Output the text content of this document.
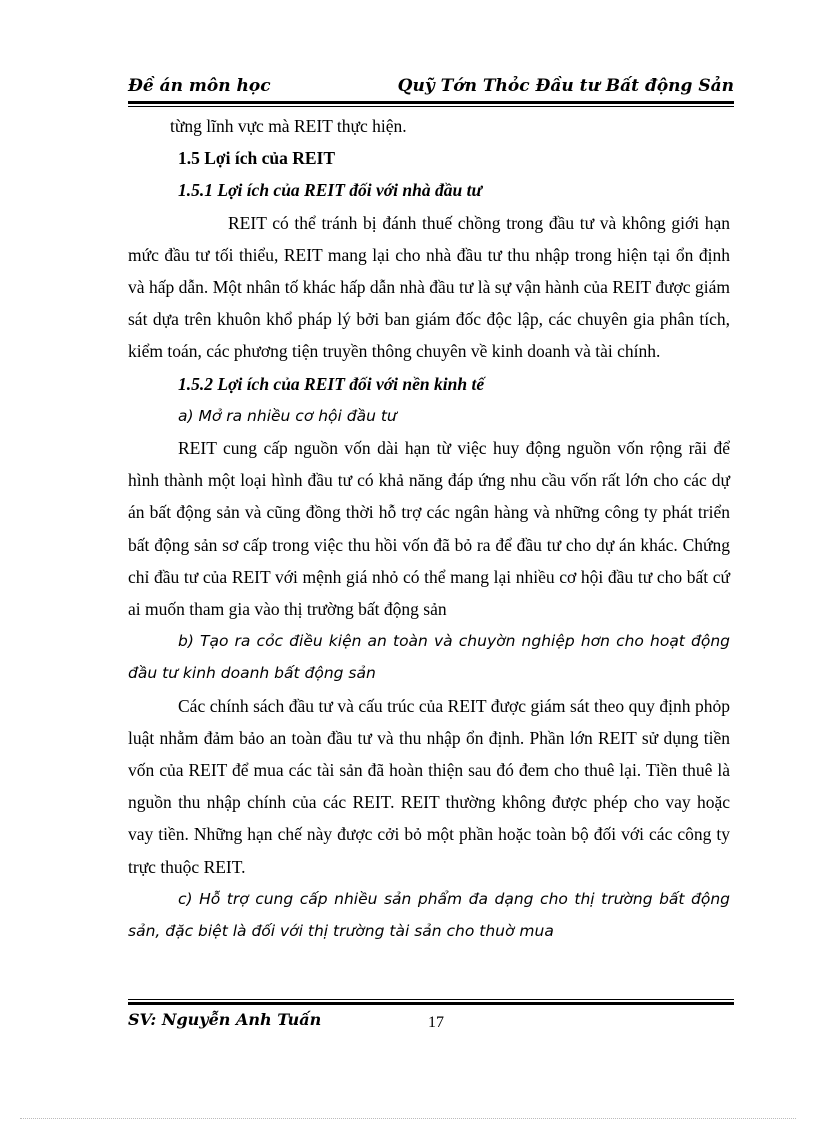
Đề án môn học	Quỹ Tớn Thỏc Đầu tư Bất động Sản

từng lĩnh vực mà REIT thực hiện.

1.5 Lợi ích của REIT

1.5.1 Lợi ích của REIT đối với nhà đầu tư

REIT có thể tránh bị đánh thuế chồng trong đầu tư và không giới hạn mức đầu tư tối thiểu, REIT mang lại cho nhà đầu tư thu nhập trong hiện tại ổn định và hấp dẫn. Một nhân tố khác hấp dẫn nhà đầu tư là sự vận hành của REIT được giám sát dựa trên khuôn khổ pháp lý bởi ban giám đốc độc lập, các chuyên gia phân tích, kiểm toán, các phương tiện truyền thông chuyên về kinh doanh và tài chính.

1.5.2 Lợi ích của REIT đối với nền kinh tế

a) Mở ra nhiều cơ hội đầu tư

REIT cung cấp nguồn vốn dài hạn từ việc huy động nguồn vốn rộng rãi để hình thành một loại hình đầu tư có khả năng đáp ứng nhu cầu vốn rất lớn cho các dự án bất động sản và cũng đồng thời hỗ trợ các ngân hàng và những công ty phát triển bất động sản sơ cấp trong việc thu hồi vốn đã bỏ ra để đầu tư cho dự án khác. Chứng chỉ đầu tư của REIT với mệnh giá nhỏ có thể mang lại nhiều cơ hội đầu tư cho bất cứ ai muốn tham gia vào thị trường bất động sản

b) Tạo ra cỏc điều kiện an toàn và chuyờn nghiệp hơn cho hoạt động đầu tư kinh doanh bất động sản

Các chính sách đầu tư và cấu trúc của REIT được giám sát theo quy định phỏp luật nhằm đảm bảo an toàn đầu tư và thu nhập ổn định. Phần lớn REIT sử dụng tiền vốn của REIT để mua các tài sản đã hoàn thiện sau đó đem cho thuê lại. Tiền thuê là nguồn thu nhập chính của các REIT. REIT thường không được phép cho vay hoặc vay tiền. Những hạn chế này được cởi bỏ một phần hoặc toàn bộ đối với các công ty trực thuộc REIT.

c) Hỗ trợ cung cấp nhiều sản phẩm đa dạng cho thị trường bất động sản, đặc biệt là đối với thị trường tài sản cho thuờ mua

SV: Nguyễn Anh Tuấn	17
